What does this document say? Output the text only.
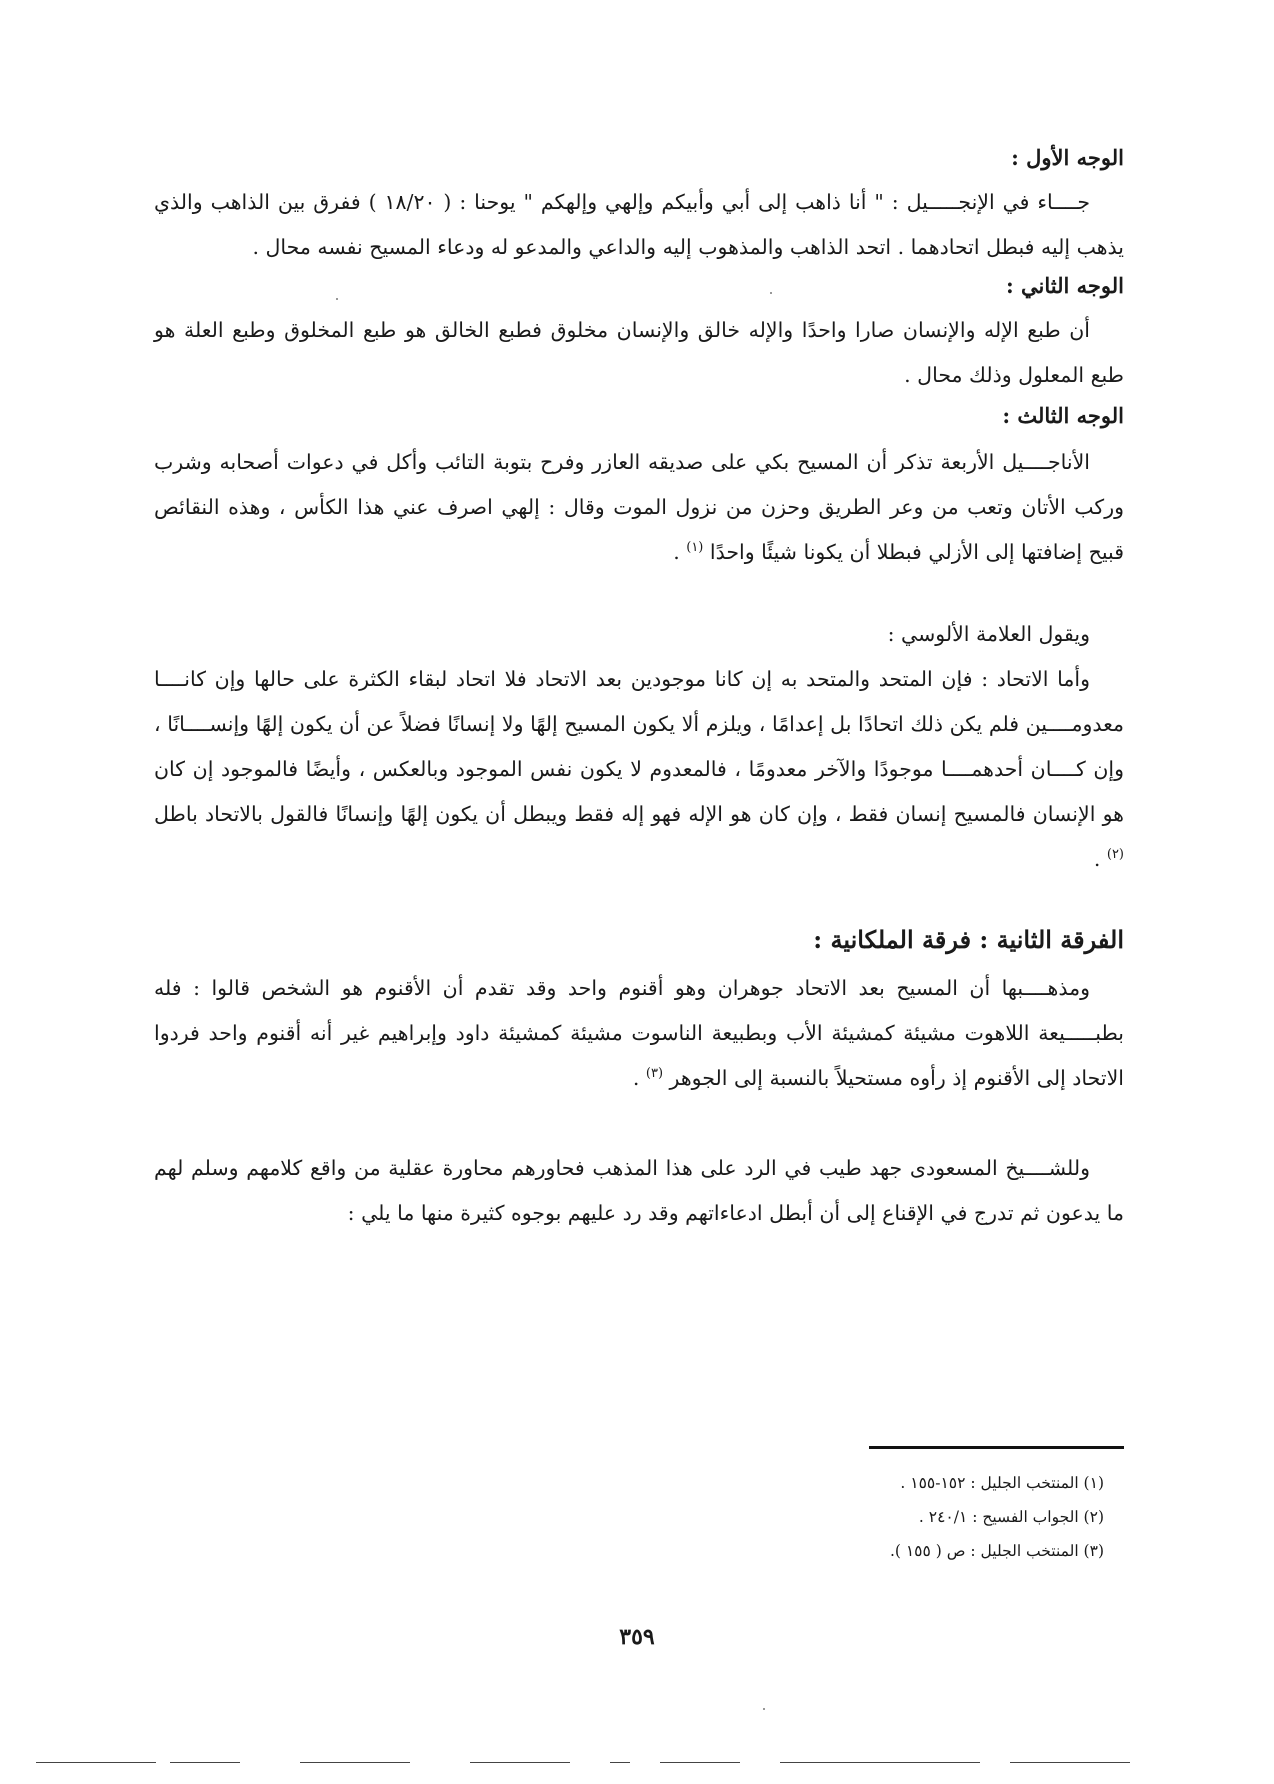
الوجه الأول :

جــــاء في الإنجـــــيل : " أنا ذاهب إلى أبي وأبيكم وإلهي وإلهكم " يوحنا : ( ١٨/٢٠ ) ففرق بين الذاهب والذي يذهب إليه فبطل اتحادهما . اتحد الذاهب والمذهوب إليه والداعي والمدعو له ودعاء المسيح نفسه محال .

الوجه الثاني :

أن طبع الإله والإنسان صارا واحدًا والإله خالق والإنسان مخلوق فطبع الخالق هو طبع المخلوق وطبع العلة هو طبع المعلول وذلك محال .

الوجه الثالث :

الأناجــــيل الأربعة تذكر أن المسيح بكي على صديقه العازر وفرح بتوبة التائب وأكل في دعوات أصحابه وشرب وركب الأتان وتعب من وعر الطريق وحزن من نزول الموت وقال : إلهي اصرف عني هذا الكأس ، وهذه النقائص قبيح إضافتها إلى الأزلي فبطلا أن يكونا شيئًا واحدًا $^{(١)}$ .

ويقول العلامة الألوسي :

وأما الاتحاد : فإن المتحد والمتحد به إن كانا موجودين بعد الاتحاد فلا اتحاد لبقاء الكثرة على حالها وإن كانــــا معدومــــين فلم يكن ذلك اتحادًا بل إعدامًا ، ويلزم ألا يكون المسيح إلهًا ولا إنسانًا فضلاً عن أن يكون إلهًا وإنســــانًا ، وإن كــــان أحدهمــــا موجودًا والآخر معدومًا ، فالمعدوم لا يكون نفس الموجود وبالعكس ، وأيضًا فالموجود إن كان هو الإنسان فالمسيح إنسان فقط ، وإن كان هو الإله فهو إله فقط ويبطل أن يكون إلهًا وإنسانًا فالقول بالاتحاد باطل $^{(٢)}$ .

الفرقة الثانية : فرقة الملكانية :

ومذهــــبها أن المسيح بعد الاتحاد جوهران وهو أقنوم واحد وقد تقدم أن الأقنوم هو الشخص قالوا : فله بطبـــــيعة اللاهوت مشيئة كمشيئة الأب وبطبيعة الناسوت مشيئة كمشيئة داود وإبراهيم غير أنه أقنوم واحد فردوا الاتحاد إلى الأقنوم إذ رأوه مستحيلاً بالنسبة إلى الجوهر $^{(٣)}$ .

وللشــــيخ المسعودى جهد طيب في الرد على هذا المذهب فحاورهم محاورة عقلية من واقع كلامهم وسلم لهم ما يدعون ثم تدرج في الإقناع إلى أن أبطل ادعاءاتهم وقد رد عليهم بوجوه كثيرة منها ما يلي :

(١) المنتخب الجليل : ١٥٢-١٥٥ .
(٢) الجواب الفسيح : ٢٤٠/١ .
(٣) المنتخب الجليل : ص ( ١٥٥ ).
٣٥٩
